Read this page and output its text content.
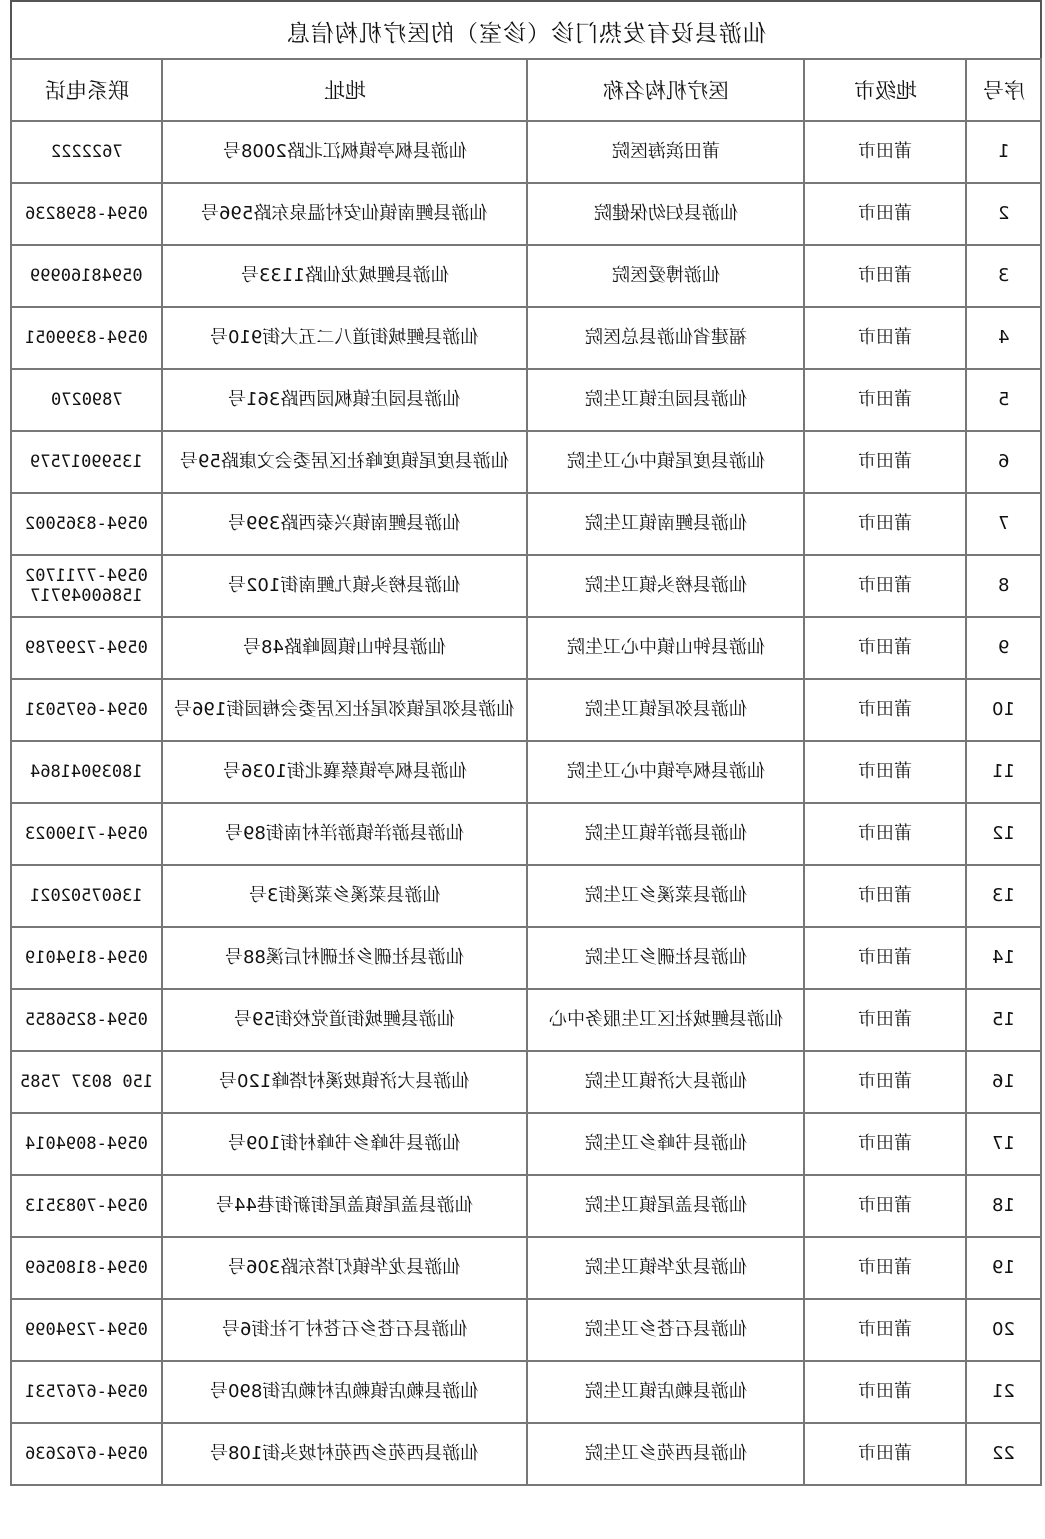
仙游县设有发热门诊（诊室）的医疗机构信息
联系电话	地址	医疗机构名称	地级市	序号
7622222	仙游县枫亭镇枫江北路2008号	莆田滨海医院	莆田市	1
0594-8598236	仙游县鲤南镇仙安村温泉东路596号	仙游县妇幼保健院	莆田市	2
05948160999	仙游县鲤城龙仙路1133号	仙游博爱医院	莆田市	3
0594-8399051	仙游县鲤城街道八二五大街910号	福建省仙游县总医院	莆田市	4
7890270	仙游县园庄镇枫园西路361号	仙游县园庄镇卫生院	莆田市	5
13599017579	仙游县度尾镇度峰社区居委会文康路59号	仙游县度尾镇中心卫生院	莆田市	6
0594-8365002	仙游县鲤南镇兴泰西路399号	仙游县鲤南镇卫生院	莆田市	7
0594-7711702
15860049717	仙游县榜头镇九鲤南街102号	仙游县榜头镇卫生院	莆田市	8
0594-7299789	仙游县钟山镇圆峰路48号	仙游县钟山镇中心卫生院	莆田市	9
0594-6975031	仙游县郊尾镇郊尾社区居委会梅园街196号	仙游县郊尾镇卫生院	莆田市	10
18039041864	仙游县枫亭镇蔡襄北街1036号	仙游县枫亭镇中心卫生院	莆田市	11
0594-7190023	仙游县游洋镇游洋村南街89号	仙游县游洋镇卫生院	莆田市	12
13607502021	仙游县菜溪乡菜溪街3号	仙游县菜溪乡卫生院	莆田市	13
0594-8194019	仙游县社硎乡社硎村后溪88号	仙游县社硎乡卫生院	莆田市	14
0594-8256855	仙游县鲤城街道党校街59号	仙游县鲤城社区卫生服务中心	莆田市	15
150 8037 7585	仙游县大济镇坡溪村塔峰120号	仙游县大济镇卫生院	莆田市	16
0594-8094014	仙游县书峰乡书峰村街109号	仙游县书峰乡卫生院	莆田市	17
0594-7083513	仙游县盖尾镇盖尾街新街巷44号	仙游县盖尾镇卫生院	莆田市	18
0594-8180569	仙游县龙华镇灯塔东路306号	仙游县龙华镇卫生院	莆田市	19
0594-7294099	仙游县石苍乡石苍村下社街6号	仙游县石苍乡卫生院	莆田市	20
0594-6767531	仙游县赖店镇赖店村赖店街890号	仙游县赖店镇卫生院	莆田市	21
0594-6762636	仙游县西苑乡西苑村坡头街108号	仙游县西苑乡卫生院	莆田市	22
